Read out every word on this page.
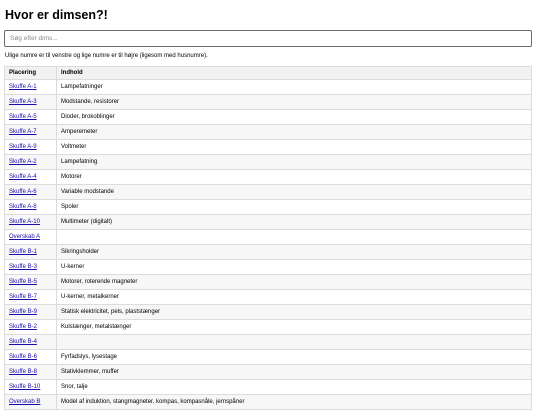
Hvor er dimsen?!
Søg efter dims...

Ulige numre er til venstre og lige numre er til højre (ligesom med husnumre).

Placering	Indhold
Skuffe A-1	Lampefatninger
Skuffe A-3	Modstande, resistorer
Skuffe A-5	Dioder, brokoblinger
Skuffe A-7	Amperemeter
Skuffe A-9	Voltmeter
Skuffe A-2	Lampefatning
Skuffe A-4	Motorer
Skuffe A-6	Variable modstande
Skuffe A-8	Spoler
Skuffe A-10	Multimeter (digitalt)
Overskab A	
Skuffe B-1	Sikringsholder
Skuffe B-3	U-kerner
Skuffe B-5	Motorer, roterende magneter
Skuffe B-7	U-kerner, metalkerner
Skuffe B-9	Statisk elektricitet, pels, plaststænger
Skuffe B-2	Kulstænger, metalstænger
Skuffe B-4	
Skuffe B-6	Fyrfadslys, lysestage
Skuffe B-8	Stativklemmer, muffer
Skuffe B-10	Snor, talje
Overskab B	Model af induktion, stangmagneter, kompas, kompasnåle, jernspåner
